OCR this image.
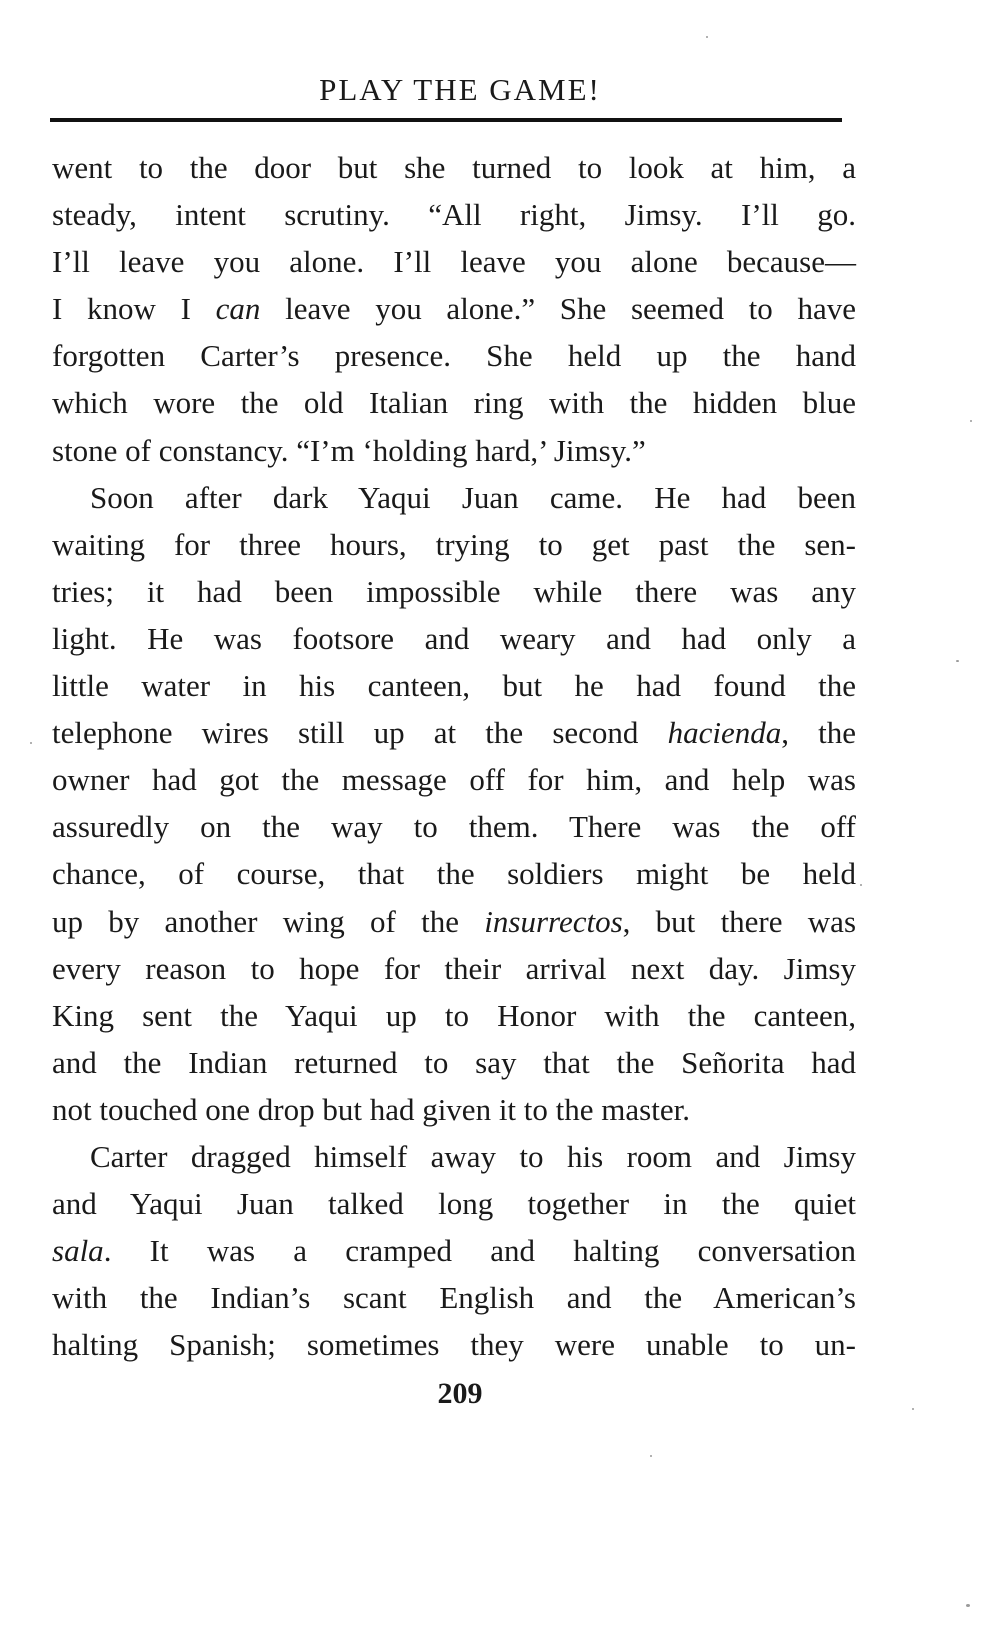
PLAY THE GAME!
went to the door but she turned to look at him, a
steady, intent scrutiny. “All right, Jimsy. I’ll go.
I’ll leave you alone. I’ll leave you alone because—
I know I can leave you alone.” She seemed to have
forgotten Carter’s presence. She held up the hand
which wore the old Italian ring with the hidden blue
stone of constancy. “I’m ‘holding hard,’ Jimsy.”
Soon after dark Yaqui Juan came. He had been
waiting for three hours, trying to get past the sen-
tries; it had been impossible while there was any
light. He was footsore and weary and had only a
little water in his canteen, but he had found the
telephone wires still up at the second hacienda, the
owner had got the message off for him, and help was
assuredly on the way to them. There was the off
chance, of course, that the soldiers might be held
up by another wing of the insurrectos, but there was
every reason to hope for their arrival next day. Jimsy
King sent the Yaqui up to Honor with the canteen,
and the Indian returned to say that the Señorita had
not touched one drop but had given it to the master.
Carter dragged himself away to his room and Jimsy
and Yaqui Juan talked long together in the quiet
sala. It was a cramped and halting conversation
with the Indian’s scant English and the American’s
halting Spanish; sometimes they were unable to un-
209
